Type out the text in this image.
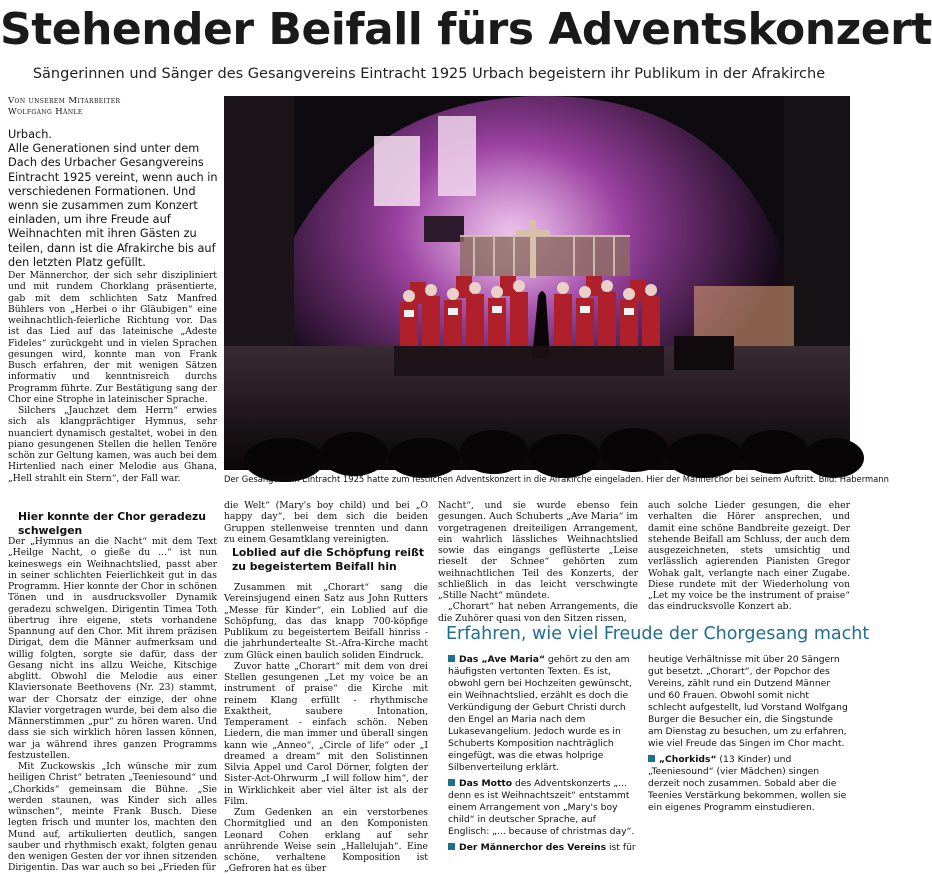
Stehender Beifall fürs Adventskonzert
Sängerinnen und Sänger des Gesangvereins Eintracht 1925 Urbach begeistern ihr Publikum in der Afrakirche
Von unserem Mitarbeiter
Wolfgang Hänle
Urbach.
Alle Generationen sind unter dem Dach des Urbacher Gesangvereins Eintracht 1925 vereint, wenn auch in verschiedenen Formationen. Und wenn sie zusammen zum Konzert einladen, um ihre Freude auf Weihnachten mit ihren Gästen zu teilen, dann ist die Afrakirche bis auf den letzten Platz gefüllt.

Der Männerchor, der sich sehr diszipliniert und mit rundem Chorklang präsentierte, gab mit dem schlichten Satz Manfred Bühlers von „Herbei o ihr Gläubigen“ eine weihnachtlich-feierliche Richtung vor. Das ist das Lied auf das lateinische „Adeste Fideles“ zurückgeht und in vielen Sprachen gesungen wird, konnte man von Frank Busch erfahren, der mit wenigen Sätzen informativ und kenntnisreich durchs Programm führte. Zur Bestätigung sang der Chor eine Strophe in lateinischer Sprache.

Silchers „Jauchzet dem Herrn“ erwies sich als klangprächtiger Hymnus, sehr nuanciert dynamisch gestaltet, wobei in den piano gesungenen Stellen die hellen Tenöre schön zur Geltung kamen, was auch bei dem Hirtenlied nach einer Melodie aus Ghana, „Hell strahlt ein Stern“, der Fall war.

Hier konnte der Chor geradezu schwelgen

Der „Hymnus an die Nacht“ mit dem Text „Heilge Nacht, o gieße du ...“ ist nun keineswegs ein Weihnachtslied, passt aber in seiner schlichten Feierlichkeit gut in das Programm. Hier konnte der Chor in schönen Tönen und in ausdrucksvoller Dynamik geradezu schwelgen. Dirigentin Timea Toth übertrug ihre eigene, stets vorhandene Spannung auf den Chor. Mit ihrem präzisen Dirigat, dem die Männer aufmerksam und willig folgten, sorgte sie dafür, dass der Gesang nicht ins allzu Weiche, Kitschige abglitt. Obwohl die Melodie aus einer Klaviersonate Beethovens (Nr. 23) stammt, war der Chorsatz der einzige, der ohne Klavier vorgetragen wurde, bei dem also die Männerstimmen „pur“ zu hören waren. Und dass sie sich wirklich hören lassen können, war ja während ihres ganzen Programms festzustellen.

Mit Zuckowskis „Ich wünsche mir zum heiligen Christ“ betraten „Teeniesound“ und „Chorkids“ gemeinsam die Bühne. „Sie werden staunen, was Kinder sich alles wünschen“, meinte Frank Busch. Diese legten frisch und munter los, machten den Mund auf, artikulierten deutlich, sangen sauber und rhythmisch exakt, folgten genau den wenigen Gesten der vor ihnen sitzenden Dirigentin. Das war auch so bei „Frieden für

Der Gesangverein Eintracht 1925 hatte zum festlichen Adventskonzert in die Afrakirche eingeladen. Hier der Männerchor bei seinem Auftritt. Bild: Habermann

die Welt“ (Mary's boy child) und bei „O happy day“, bei dem sich die beiden Gruppen stellenweise trennten und dann zu einem Gesamtklang vereinigten.

Loblied auf die Schöpfung reißt zu begeistertem Beifall hin

Zusammen mit „Chorart“ sang die Vereinsjugend einen Satz aus John Rutters „Messe für Kinder“, ein Loblied auf die Schöpfung, das das knapp 700-köpfige Publikum zu begeistertem Beifall hinriss - die jahrhundertealte St.-Afra-Kirche macht zum Glück einen baulich soliden Eindruck.

Zuvor hatte „Chorart“ mit dem von drei Stellen gesungenen „Let my voice be an instrument of praise“ die Kirche mit reinem Klang erfüllt - rhythmische Exaktheit, saubere Intonation, Temperament - einfach schön. Neben Liedern, die man immer und überall singen kann wie „Anneo“, „Circle of life“ oder „I dreamed a dream“ mit den Solistinnen Silvia Appel und Carol Dörner, folgten der Sister-Act-Ohrwurm „I will follow him“, der in Wirklichkeit aber viel älter ist als der Film.

Zum Gedenken an ein verstorbenes Chormitglied und an den Komponisten Leonard Cohen erklang auf sehr anrührende Weise sein „Hallelujah“. Eine schöne, verhaltene Komposition ist „Gefroren hat es über

Nacht“, und sie wurde ebenso fein gesungen. Auch Schuberts „Ave Maria“ im vorgetragenen dreiteiligen Arrangement, ein wahrlich lässliches Weihnachtslied sowie das eingangs geflüsterte „Leise rieselt der Schnee“ gehörten zum weihnachtlichen Teil des Konzerts, der schließlich in das leicht verschwingte „Stille Nacht“ mündete.

„Chorart“ hat neben Arrangements, die die Zuhörer quasi von den Sitzen rissen,

auch solche Lieder gesungen, die eher verhalten die Hörer ansprechen, und damit eine schöne Bandbreite gezeigt. Der stehende Beifall am Schluss, der auch dem ausgezeichneten, stets umsichtig und verlässlich agierenden Pianisten Gregor Wohak galt, verlangte nach einer Zugabe. Diese rundete mit der Wiederholung von „Let my voice be the instrument of praise“ das eindrucksvolle Konzert ab.

Erfahren, wie viel Freude der Chorgesang macht

Das „Ave Maria“ gehört zu den am häufigsten vertonten Texten. Es ist, obwohl gern bei Hochzeiten gewünscht, ein Weihnachtslied, erzählt es doch die Verkündigung der Geburt Christi durch den Engel an Maria nach dem Lukasevangelium. Jedoch wurde es in Schuberts Komposition nachträglich eingefügt, was die etwas holprige Silbenverteilung erklärt.

Das Motto des Adventskonzerts „... denn es ist Weihnachtszeit“ entstammt einem Arrangement von „Mary's boy child“ in deutscher Sprache, auf Englisch: „... because of christmas day“.

Der Männerchor des Vereins ist für

heutige Verhältnisse mit über 20 Sängern gut besetzt. „Chorart“, der Popchor des Vereins, zählt rund ein Dutzend Männer und 60 Frauen. Obwohl somit nicht schlecht aufgestellt, lud Vorstand Wolfgang Burger die Besucher ein, die Singstunde am Dienstag zu besuchen, um zu erfahren, wie viel Freude das Singen im Chor macht.

„Chorkids“ (13 Kinder) und „Teeniesound“ (vier Mädchen) singen derzeit noch zusammen. Sobald aber die Teenies Verstärkung bekommen, wollen sie ein eigenes Programm einstudieren.
